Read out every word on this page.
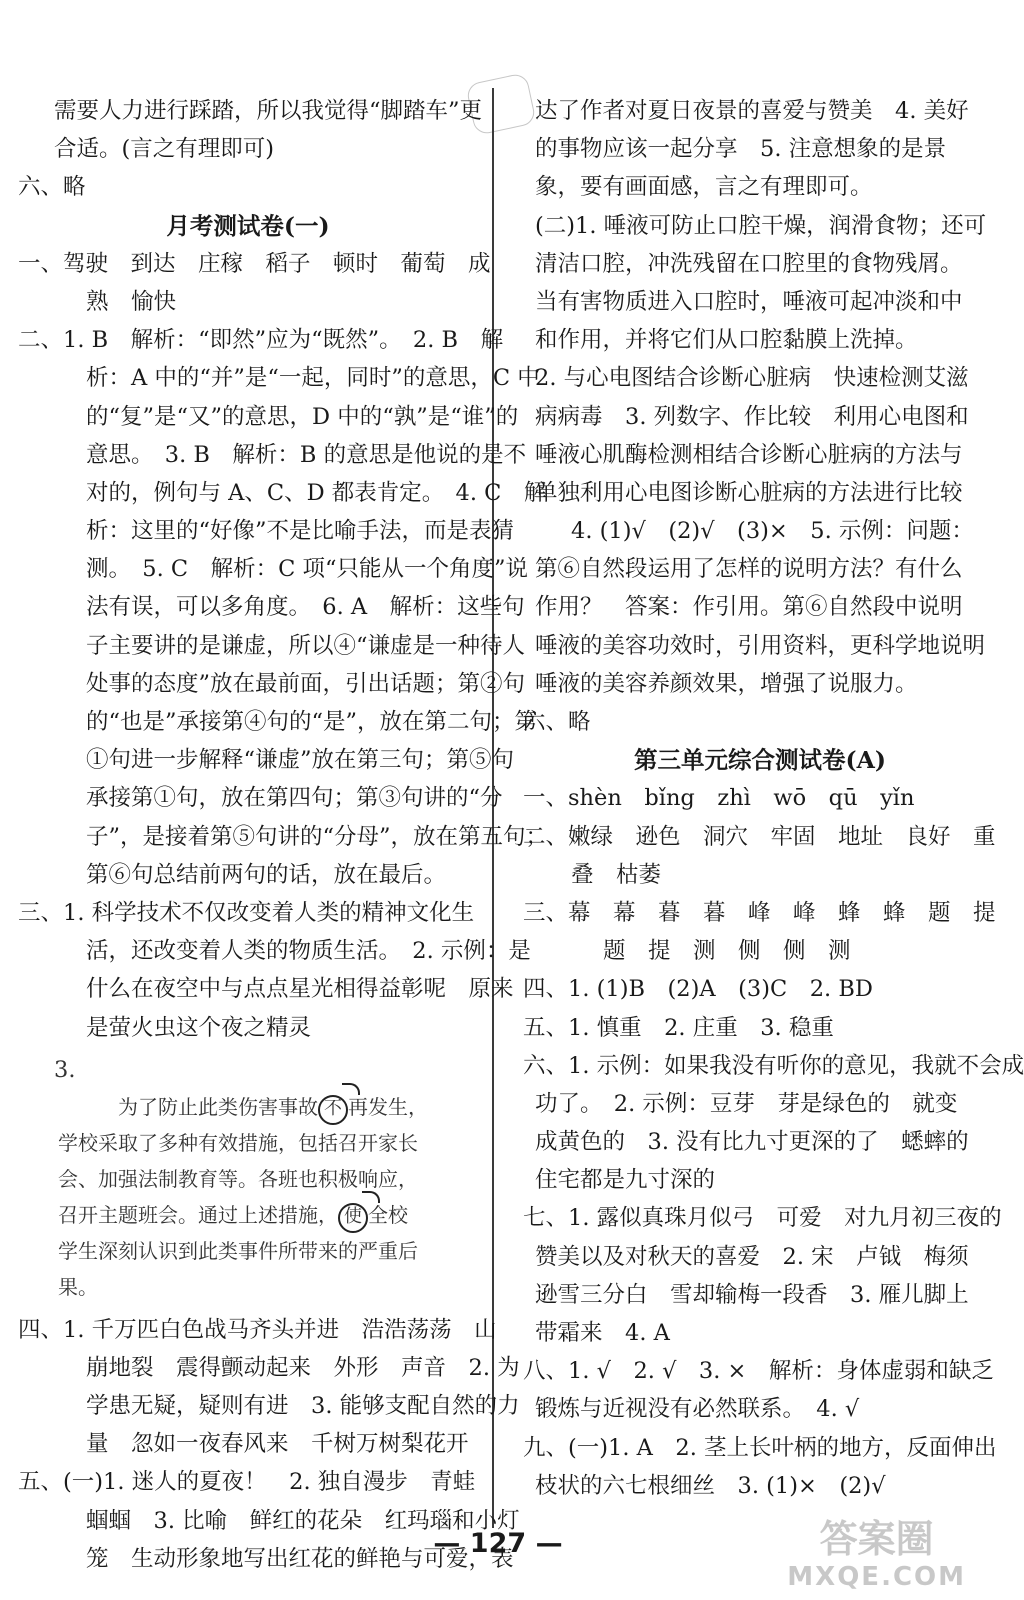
需要人力进行踩踏，所以我觉得“脚踏车”更
合适。(言之有理即可)
六、略
月考测试卷(一)
一、驾驶　到达　庄稼　稻子　顿时　葡萄　成
熟　愉快
二、1. B　解析：“即然”应为“既然”。　2. B　解
析：A 中的“并”是“一起，同时”的意思，C 中
的“复”是“又”的意思，D 中的“孰”是“谁”的
意思。　3. B　解析：B 的意思是他说的是不
对的，例句与 A、C、D 都表肯定。　4. C　解
析：这里的“好像”不是比喻手法，而是表猜
测。　5. C　解析：C 项“只能从一个角度”说
法有误，可以多角度。　6. A　解析：这些句
子主要讲的是谦虚，所以④“谦虚是一种待人
处事的态度”放在最前面，引出话题；第②句
的“也是”承接第④句的“是”，放在第二句；第
①句进一步解释“谦虚”放在第三句；第⑤句
承接第①句，放在第四句；第③句讲的“分
子”，是接着第⑤句讲的“分母”，放在第五句；
第⑥句总结前两句的话，放在最后。
三、1. 科学技术不仅改变着人类的精神文化生
活，还改变着人类的物质生活。　2. 示例：是
什么在夜空中与点点星光相得益彰呢　原来
是萤火虫这个夜之精灵
3.
为了防止此类伤害事故 不 再发生，
学校采取了多种有效措施，包括召开家长
会、加强法制教育等。各班也积极响应，
召开主题班会。通过上述措施， 使 全校
学生深刻认识到此类事件所带来的严重后
果。
四、1. 千万匹白色战马齐头并进　浩浩荡荡　山
崩地裂　震得颤动起来　外形　声音　2. 为
学患无疑，疑则有进　3. 能够支配自然的力
量　忽如一夜春风来　千树万树梨花开
五、(一)1. 迷人的夏夜！　2. 独自漫步　青蛙
蝈蝈　3. 比喻　鲜红的花朵　红玛瑙和小灯
笼　生动形象地写出红花的鲜艳与可爱，表
达了作者对夏日夜景的喜爱与赞美　4. 美好
的事物应该一起分享　5. 注意想象的是景
象，要有画面感，言之有理即可。
(二)1. 唾液可防止口腔干燥，润滑食物；还可
清洁口腔，冲洗残留在口腔里的食物残屑。
当有害物质进入口腔时，唾液可起冲淡和中
和作用，并将它们从口腔黏膜上洗掉。
2. 与心电图结合诊断心脏病　快速检测艾滋
病病毒　3. 列数字、作比较　利用心电图和
唾液心肌酶检测相结合诊断心脏病的方法与
单独利用心电图诊断心脏病的方法进行比较
4. (1)√　(2)√　(3)×　5. 示例：问题：
第⑥自然段运用了怎样的说明方法？有什么
作用？　答案：作引用。第⑥自然段中说明
唾液的美容功效时，引用资料，更科学地说明
唾液的美容养颜效果，增强了说服力。
六、略
第三单元综合测试卷(A)
一、shèn　bǐng　zhì　wō　qū　yǐn
二、嫩绿　逊色　洞穴　牢固　地址　良好　重
叠　枯萎
三、幕　幕　暮　暮　峰　峰　蜂　蜂　题　提
题　提　测　侧　侧　测
四、1. (1)B　(2)A　(3)C　2. BD
五、1. 慎重　2. 庄重　3. 稳重
六、1. 示例：如果我没有听你的意见，我就不会成
功了。　2. 示例：豆芽　芽是绿色的　就变
成黄色的　3. 没有比九寸更深的了　蟋蟀的
住宅都是九寸深的
七、1. 露似真珠月似弓　可爱　对九月初三夜的
赞美以及对秋天的喜爱　2. 宋　卢钺　梅须
逊雪三分白　雪却输梅一段香　3. 雁儿脚上
带霜来　4. A
八、1. √　2. √　3. ×　解析：身体虚弱和缺乏
锻炼与近视没有必然联系。　4. √
九、(一)1. A　2. 茎上长叶柄的地方，反面伸出
枝状的六七根细丝　3. (1)×　(2)√
— 127 —	答案圈
MXQE.COM
